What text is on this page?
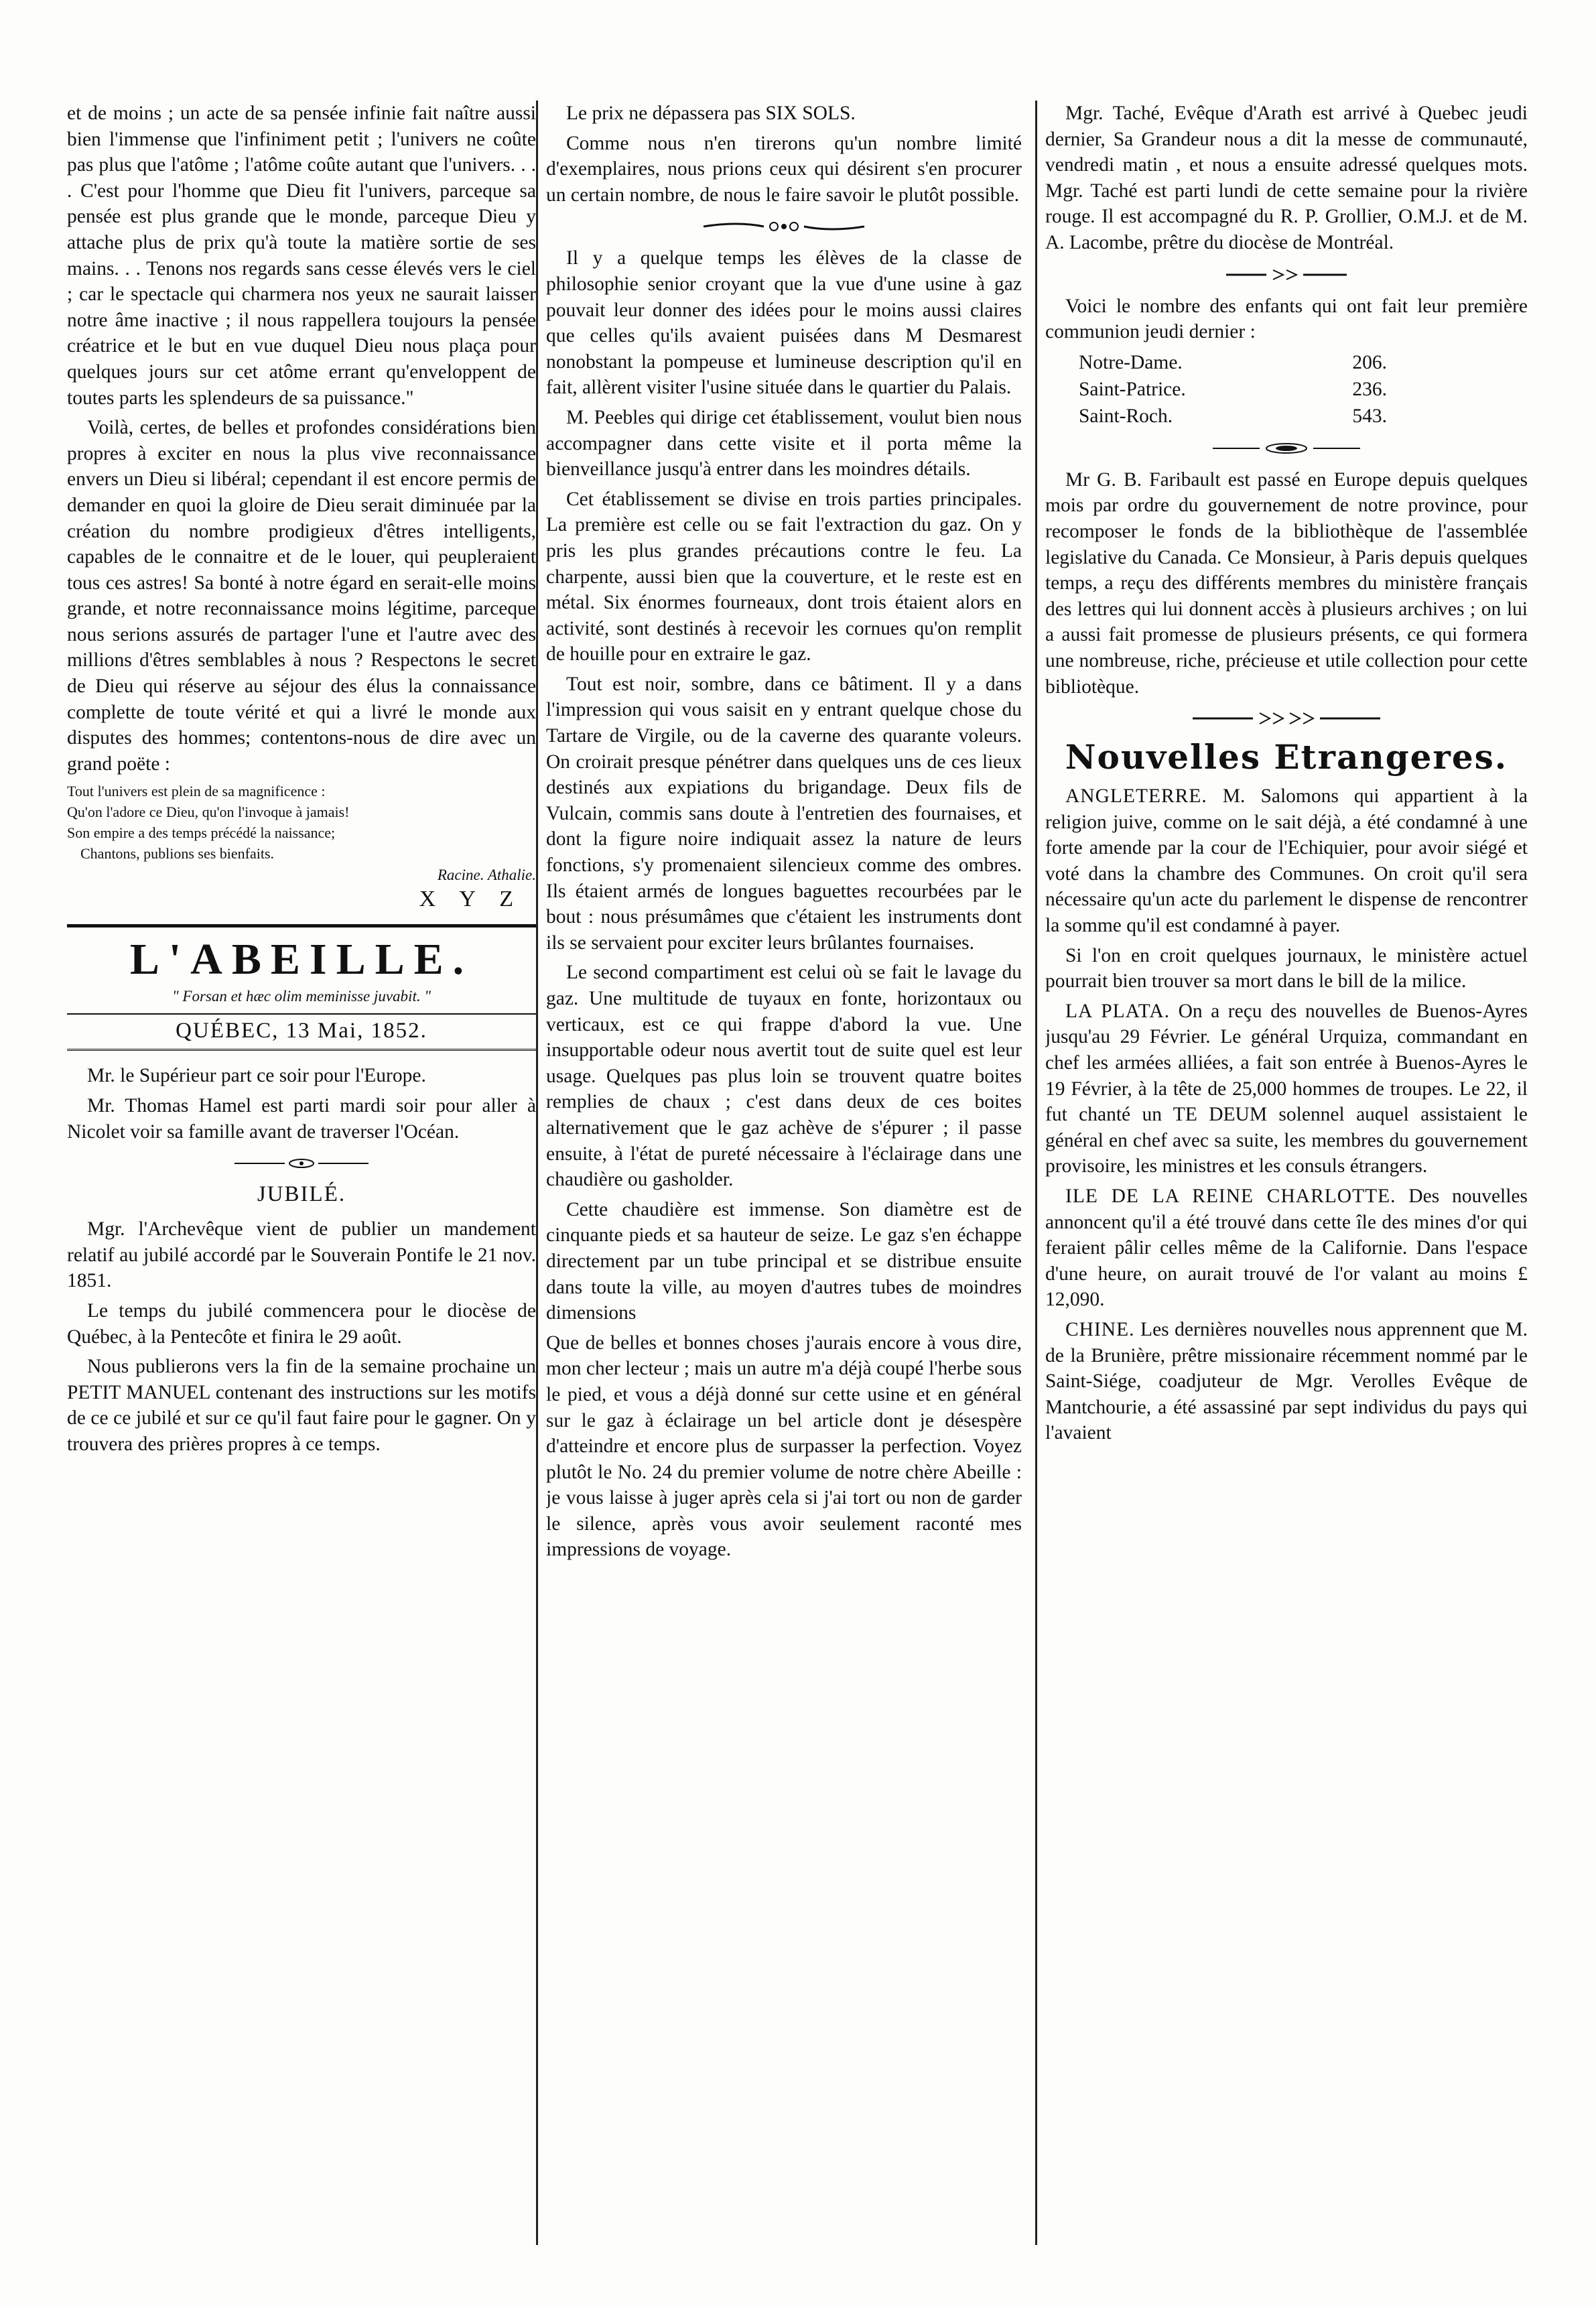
et de moins ; un acte de sa pensée infinie fait naître aussi bien l'immense que l'infiniment petit ; l'univers ne coûte pas plus que l'atôme ; l'atôme coûte autant que l'univers. . . . C'est pour l'homme que Dieu fit l'univers, parceque sa pensée est plus grande que le monde, parceque Dieu y attache plus de prix qu'à toute la matière sortie de ses mains. . . Tenons nos regards sans cesse élevés vers le ciel ; car le spectacle qui charmera nos yeux ne saurait laisser notre âme inactive ; il nous rappellera toujours la pensée créatrice et le but en vue duquel Dieu nous plaça pour quelques jours sur cet atôme errant qu'enveloppent de toutes parts les splendeurs de sa puissance."

Voilà, certes, de belles et profondes considérations bien propres à exciter en nous la plus vive reconnaissance envers un Dieu si libéral; cependant il est encore permis de demander en quoi la gloire de Dieu serait diminuée par la création du nombre prodigieux d'êtres intelligents, capables de le connaitre et de le louer, qui peupleraient tous ces astres! Sa bonté à notre égard en serait-elle moins grande, et notre reconnaissance moins légitime, parceque nous serions assurés de partager l'une et l'autre avec des millions d'êtres semblables à nous ? Respectons le secret de Dieu qui réserve au séjour des élus la connaissance complette de toute vérité et qui a livré le monde aux disputes des hommes; contentons-nous de dire avec un grand poëte :

Tout l'univers est plein de sa magnificence :
Qu'on l'adore ce Dieu, qu'on l'invoque à jamais!
Son empire a des temps précédé la naissance;
Chantons, publions ses bienfaits.
Racine. Athalie.
X Y Z
L'ABEILLE.
" Forsan et hæc olim meminisse juvabit. "
QUÉBEC, 13 Mai, 1852.

Mr. le Supérieur part ce soir pour l'Europe.

Mr. Thomas Hamel est parti mardi soir pour aller à Nicolet voir sa famille avant de traverser l'Océan.

JUBILÉ.

Mgr. l'Archevêque vient de publier un mandement relatif au jubilé accordé par le Souverain Pontife le 21 nov. 1851.

Le temps du jubilé commencera pour le diocèse de Québec, à la Pentecôte et finira le 29 août.

Nous publierons vers la fin de la semaine prochaine un PETIT MANUEL contenant des instructions sur les motifs de ce ce jubilé et sur ce qu'il faut faire pour le gagner. On y trouvera des prières propres à ce temps.

Le prix ne dépassera pas SIX SOLS.

Comme nous n'en tirerons qu'un nombre limité d'exemplaires, nous prions ceux qui désirent s'en procurer un certain nombre, de nous le faire savoir le plutôt possible.

Il y a quelque temps les élèves de la classe de philosophie senior croyant que la vue d'une usine à gaz pouvait leur donner des idées pour le moins aussi claires que celles qu'ils avaient puisées dans M Desmarest nonobstant la pompeuse et lumineuse description qu'il en fait, allèrent visiter l'usine située dans le quartier du Palais.

M. Peebles qui dirige cet établissement, voulut bien nous accompagner dans cette visite et il porta même la bienveillance jusqu'à entrer dans les moindres détails.

Cet établissement se divise en trois parties principales. La première est celle ou se fait l'extraction du gaz. On y pris les plus grandes précautions contre le feu. La charpente, aussi bien que la couverture, et le reste est en métal. Six énormes fourneaux, dont trois étaient alors en activité, sont destinés à recevoir les cornues qu'on remplit de houille pour en extraire le gaz.

Tout est noir, sombre, dans ce bâtiment. Il y a dans l'impression qui vous saisit en y entrant quelque chose du Tartare de Virgile, ou de la caverne des quarante voleurs. On croirait presque pénétrer dans quelques uns de ces lieux destinés aux expiations du brigandage. Deux fils de Vulcain, commis sans doute à l'entretien des fournaises, et dont la figure noire indiquait assez la nature de leurs fonctions, s'y promenaient silencieux comme des ombres. Ils étaient armés de longues baguettes recourbées par le bout : nous présumâmes que c'étaient les instruments dont ils se servaient pour exciter leurs brûlantes fournaises.

Le second compartiment est celui où se fait le lavage du gaz. Une multitude de tuyaux en fonte, horizontaux ou verticaux, est ce qui frappe d'abord la vue. Une insupportable odeur nous avertit tout de suite quel est leur usage. Quelques pas plus loin se trouvent quatre boites remplies de chaux ; c'est dans deux de ces boites alternativement que le gaz achève de s'épurer ; il passe ensuite, à l'état de pureté nécessaire à l'éclairage dans une chaudière ou gasholder.

Cette chaudière est immense. Son diamètre est de cinquante pieds et sa hauteur de seize. Le gaz s'en échappe directement par un tube principal et se distribue ensuite dans toute la ville, au moyen d'autres tubes de moindres dimensions

Que de belles et bonnes choses j'aurais encore à vous dire, mon cher lecteur ; mais un autre m'a déjà coupé l'herbe sous le pied, et vous a déjà donné sur cette usine et en général sur le gaz à éclairage un bel article dont je désespère d'atteindre et encore plus de surpasser la perfection. Voyez plutôt le No. 24 du premier volume de notre chère Abeille : je vous laisse à juger après cela si j'ai tort ou non de garder le silence, après vous avoir seulement raconté mes impressions de voyage.

Mgr. Taché, Evêque d'Arath est arrivé à Quebec jeudi dernier, Sa Grandeur nous a dit la messe de communauté, vendredi matin , et nous a ensuite adressé quelques mots. Mgr. Taché est parti lundi de cette semaine pour la rivière rouge. Il est accompagné du R. P. Grollier, O.M.J. et de M. A. Lacombe, prêtre du diocèse de Montréal.

Voici le nombre des enfants qui ont fait leur première communion jeudi dernier :

Notre-Dame.	206.
Saint-Patrice.	236.
Saint-Roch.	543.

Mr G. B. Faribault est passé en Europe depuis quelques mois par ordre du gouvernement de notre province, pour recomposer le fonds de la bibliothèque de l'assemblée legislative du Canada. Ce Monsieur, à Paris depuis quelques temps, a reçu des différents membres du ministère français des lettres qui lui donnent accès à plusieurs archives ; on lui a aussi fait promesse de plusieurs présents, ce qui formera une nombreuse, riche, précieuse et utile collection pour cette bibliotèque.

Nouvelles Etrangeres.

ANGLETERRE. M. Salomons qui appartient à la religion juive, comme on le sait déjà, a été condamné à une forte amende par la cour de l'Echiquier, pour avoir siégé et voté dans la chambre des Communes. On croit qu'il sera nécessaire qu'un acte du parlement le dispense de rencontrer la somme qu'il est condamné à payer.

Si l'on en croit quelques journaux, le ministère actuel pourrait bien trouver sa mort dans le bill de la milice.

LA PLATA. On a reçu des nouvelles de Buenos-Ayres jusqu'au 29 Février. Le général Urquiza, commandant en chef les armées alliées, a fait son entrée à Buenos-Ayres le 19 Février, à la tête de 25,000 hommes de troupes. Le 22, il fut chanté un TE DEUM solennel auquel assistaient le général en chef avec sa suite, les membres du gouvernement provisoire, les ministres et les consuls étrangers.

ILE DE LA REINE CHARLOTTE. Des nouvelles annoncent qu'il a été trouvé dans cette île des mines d'or qui feraient pâlir celles même de la Californie. Dans l'espace d'une heure, on aurait trouvé de l'or valant au moins £ 12,090.

CHINE. Les dernières nouvelles nous apprennent que M. de la Brunière, prêtre missionaire récemment nommé par le Saint-Siége, coadjuteur de Mgr. Verolles Evêque de Mantchourie, a été assassiné par sept individus du pays qui l'avaient
